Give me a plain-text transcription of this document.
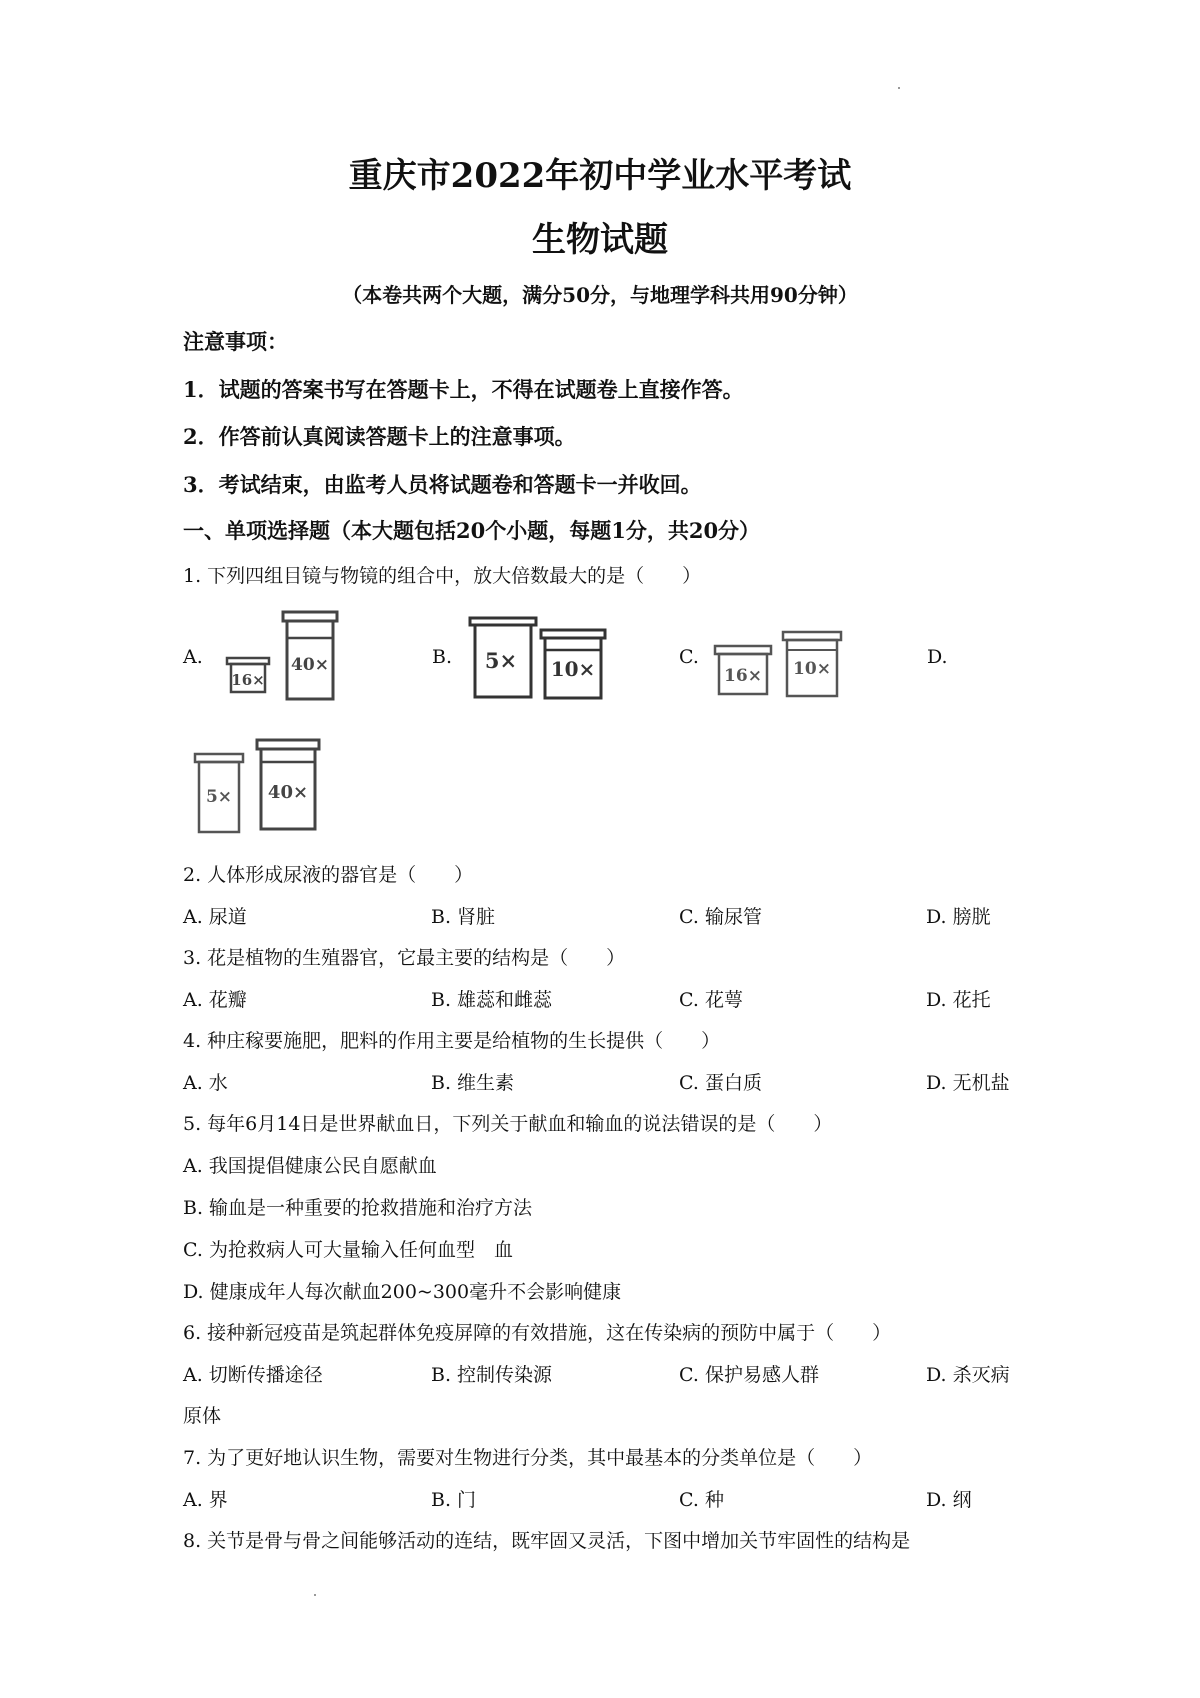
重庆市2022年初中学业水平考试
生物试题
（本卷共两个大题，满分50分，与地理学科共用90分钟）
注意事项：
1．试题的答案书写在答题卡上，不得在试题卷上直接作答。
2．作答前认真阅读答题卡上的注意事项。
3．考试结束，由监考人员将试题卷和答题卡一并收回。
一、单项选择题（本大题包括20个小题，每题1分，共20分）
1. 下列四组目镜与物镜的组合中，放大倍数最大的是（　　）
A.	B.	C.	D.
16×
40×	5× 10×	16× 10×
5× 40×
2. 人体形成尿液的器官是（　　）
A. 尿道	B. 肾脏	C. 输尿管	D. 膀胱
3. 花是植物的生殖器官，它最主要的结构是（　　）
A. 花瓣	B. 雄蕊和雌蕊	C. 花萼	D. 花托
4. 种庄稼要施肥，肥料的作用主要是给植物的生长提供（　　）
A. 水	B. 维生素	C. 蛋白质	D. 无机盐
5. 每年6月14日是世界献血日，下列关于献血和输血的说法错误的是（　　）
A. 我国提倡健康公民自愿献血
B. 输血是一种重要的抢救措施和治疗方法
C. 为抢救病人可大量输入任何血型　血
D. 健康成年人每次献血200~300毫升不会影响健康
6. 接种新冠疫苗是筑起群体免疫屏障的有效措施，这在传染病的预防中属于（　　）
A. 切断传播途径	B. 控制传染源	C. 保护易感人群	D. 杀灭病
原体
7. 为了更好地认识生物，需要对生物进行分类，其中最基本的分类单位是（　　）
A. 界	B. 门	C. 种	D. 纲
8. 关节是骨与骨之间能够活动的连结，既牢固又灵活，下图中增加关节牢固性的结构是
